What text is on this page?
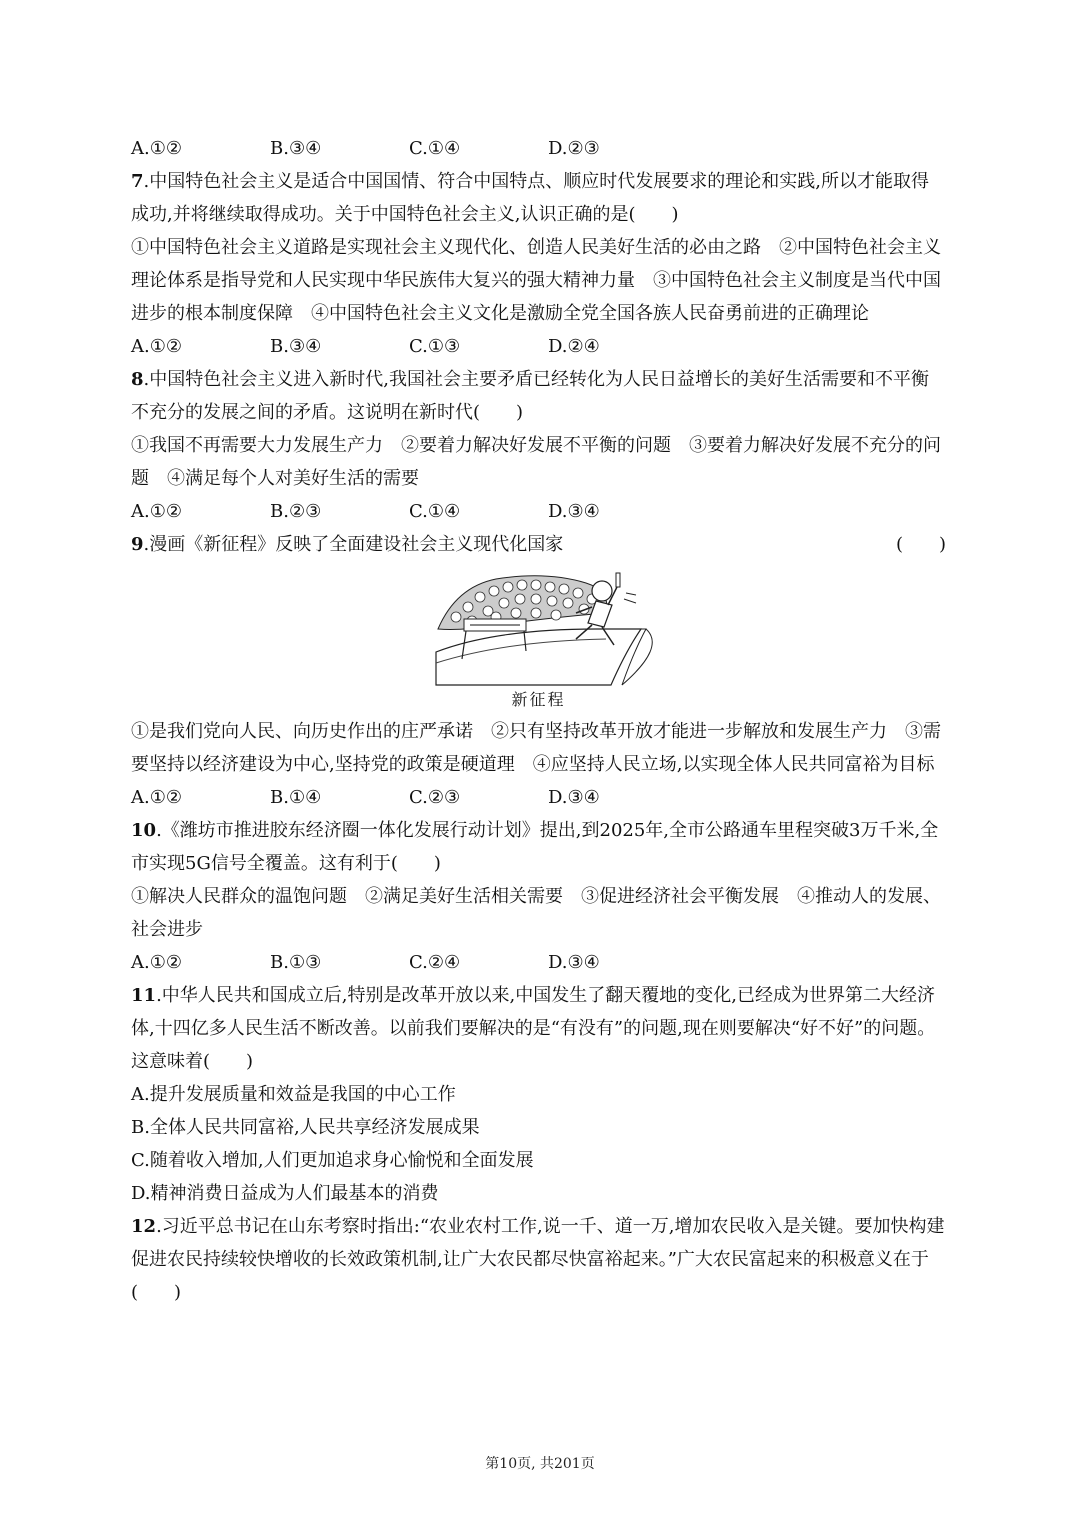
A.①②	B.③④	C.①④	D.②③
7.中国特色社会主义是适合中国国情、符合中国特点、顺应时代发展要求的理论和实践,所以才能取得成功,并将继续取得成功。关于中国特色社会主义,认识正确的是(　　)
①中国特色社会主义道路是实现社会主义现代化、创造人民美好生活的必由之路　②中国特色社会主义理论体系是指导党和人民实现中华民族伟大复兴的强大精神力量　③中国特色社会主义制度是当代中国进步的根本制度保障　④中国特色社会主义文化是激励全党全国各族人民奋勇前进的正确理论
A.①②	B.③④	C.①③	D.②④
8.中国特色社会主义进入新时代,我国社会主要矛盾已经转化为人民日益增长的美好生活需要和不平衡不充分的发展之间的矛盾。这说明在新时代(　　)
①我国不再需要大力发展生产力　②要着力解决好发展不平衡的问题　③要着力解决好发展不充分的问题　④满足每个人对美好生活的需要
A.①②	B.②③	C.①④	D.③④
9.漫画《新征程》反映了全面建设社会主义现代化国家	(　　)
新征程
①是我们党向人民、向历史作出的庄严承诺　②只有坚持改革开放才能进一步解放和发展生产力　③需要坚持以经济建设为中心,坚持党的政策是硬道理　④应坚持人民立场,以实现全体人民共同富裕为目标
A.①②	B.①④	C.②③	D.③④
10.《潍坊市推进胶东经济圈一体化发展行动计划》提出,到2025年,全市公路通车里程突破3万千米,全市实现5G信号全覆盖。这有利于(　　)
①解决人民群众的温饱问题　②满足美好生活相关需要　③促进经济社会平衡发展　④推动人的发展、社会进步
A.①②	B.①③	C.②④	D.③④
11.中华人民共和国成立后,特别是改革开放以来,中国发生了翻天覆地的变化,已经成为世界第二大经济体,十四亿多人民生活不断改善。以前我们要解决的是“有没有”的问题,现在则要解决“好不好”的问题。这意味着(　　)
A.提升发展质量和效益是我国的中心工作
B.全体人民共同富裕,人民共享经济发展成果
C.随着收入增加,人们更加追求身心愉悦和全面发展
D.精神消费日益成为人们最基本的消费
12.习近平总书记在山东考察时指出:“农业农村工作,说一千、道一万,增加农民收入是关键。要加快构建促进农民持续较快增收的长效政策机制,让广大农民都尽快富裕起来。”广大农民富起来的积极意义在于(　　)
第10页, 共201页
